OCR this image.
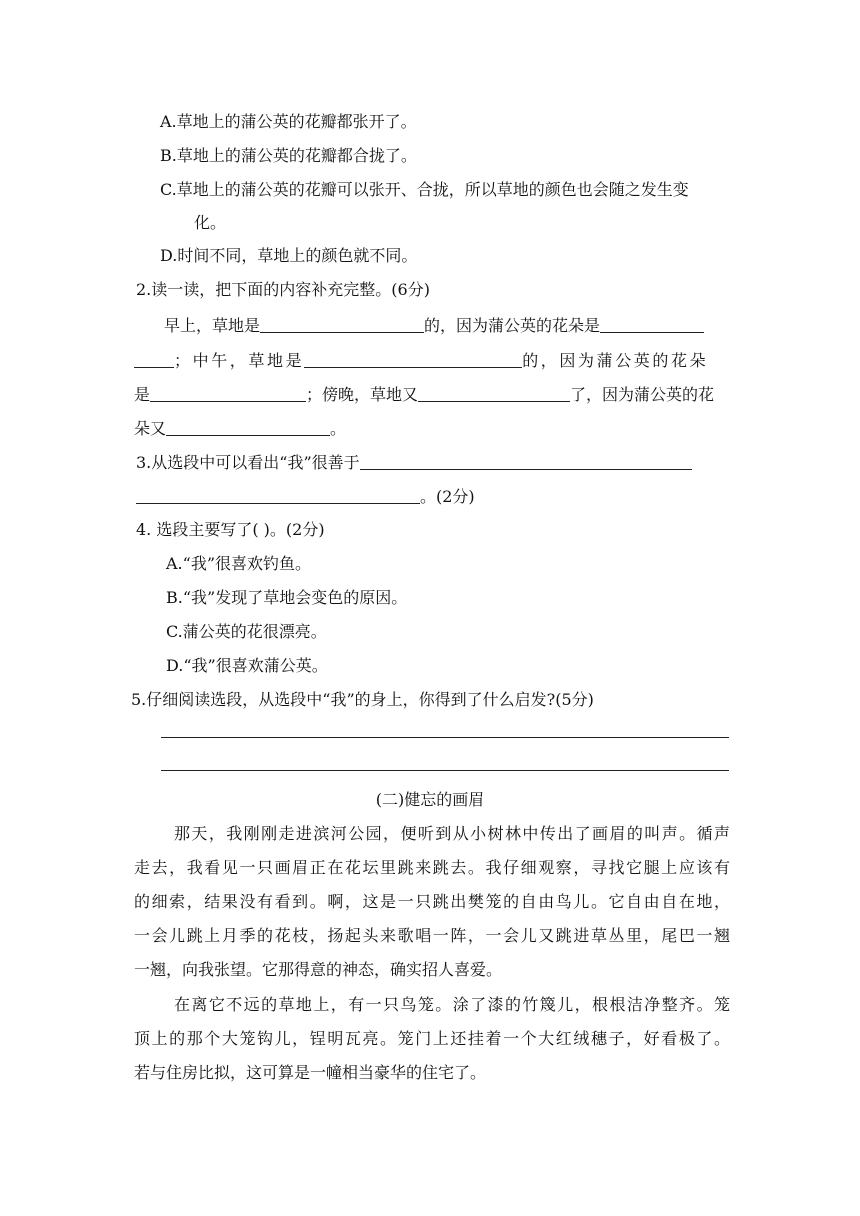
A.草地上的蒲公英的花瓣都张开了。
B.草地上的蒲公英的花瓣都合拢了。
C.草地上的蒲公英的花瓣可以张开、合拢，所以草地的颜色也会随之发生变
化。
D.时间不同，草地上的颜色就不同。
2.读一读，把下面的内容补充完整。(6分)
早上，草地是	的，因为蒲公英的花朵是
；中午，草地是	的，因为蒲公英的花朵
是	；傍晚，草地又	了，因为蒲公英的花
朵又	。
3.从选段中可以看出“我”很善于
。(2分)
4. 选段主要写了( )。(2分)
A.“我”很喜欢钓鱼。
B.“我”发现了草地会变色的原因。
C.蒲公英的花很漂亮。
D.“我”很喜欢蒲公英。
5.仔细阅读选段，从选段中“我”的身上，你得到了什么启发?(5分)
(二)健忘的画眉
那天，我刚刚走进滨河公园，便听到从小树林中传出了画眉的叫声。循声
走去，我看见一只画眉正在花坛里跳来跳去。我仔细观察，寻找它腿上应该有
的细索，结果没有看到。啊，这是一只跳出樊笼的自由鸟儿。它自由自在地，
一会儿跳上月季的花枝，扬起头来歌唱一阵，一会儿又跳进草丛里，尾巴一翘
一翘，向我张望。它那得意的神态，确实招人喜爱。
在离它不远的草地上，有一只鸟笼。涂了漆的竹篾儿，根根洁净整齐。笼
顶上的那个大笼钩儿，锃明瓦亮。笼门上还挂着一个大红绒穗子，好看极了。
若与住房比拟，这可算是一幢相当豪华的住宅了。
